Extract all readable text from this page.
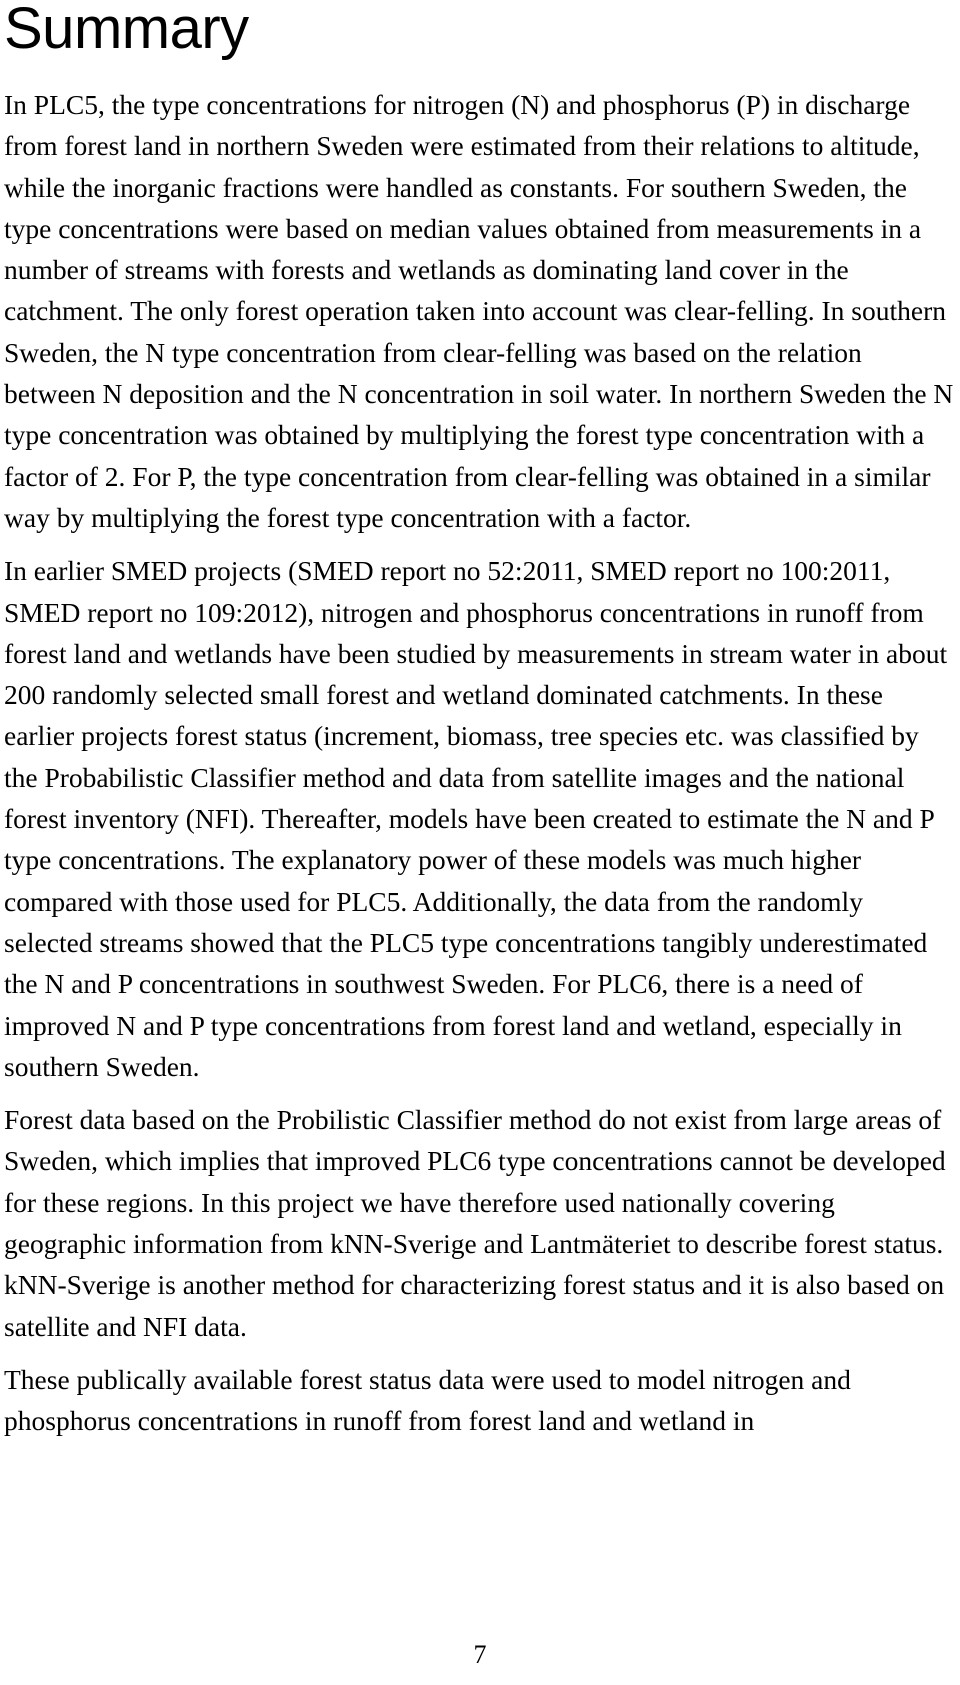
Summary

In PLC5, the type concentrations for nitrogen (N) and phosphorus (P) in discharge from forest land in northern Sweden were estimated from their relations to altitude, while the inorganic fractions were handled as constants. For southern Sweden, the type concentrations were based on median values obtained from measurements in a number of streams with forests and wetlands as dominating land cover in the catchment. The only forest operation taken into account was clear-felling. In southern Sweden, the N type concentration from clear-felling was based on the relation between N deposition and the N concentration in soil water. In northern Sweden the N type concentration was obtained by multiplying the forest type concentration with a factor of 2. For P, the type concentration from clear-felling was obtained in a similar way by multiplying the forest type concentration with a factor.

In earlier SMED projects (SMED report no 52:2011, SMED report no 100:2011, SMED report no 109:2012), nitrogen and phosphorus concentrations in runoff from forest land and wetlands have been studied by measurements in stream water in about 200 randomly selected small forest and wetland dominated catchments. In these earlier projects forest status (increment, biomass, tree species etc. was classified by the Probabilistic Classifier method and data from satellite images and the national forest inventory (NFI). Thereafter, models have been created to estimate the N and P type concentrations. The explanatory power of these models was much higher compared with those used for PLC5. Additionally, the data from the randomly selected streams showed that the PLC5 type concentrations tangibly underestimated the N and P concentrations in southwest Sweden. For PLC6, there is a need of improved N and P type concentrations from forest land and wetland, especially in southern Sweden.

Forest data based on the Probilistic Classifier method do not exist from large areas of Sweden, which implies that improved PLC6 type concentrations cannot be developed for these regions. In this project we have therefore used nationally covering geographic information from kNN-Sverige and Lantmäteriet to describe forest status. kNN-Sverige is another method for characterizing forest status and it is also based on satellite and NFI data.

These publically available forest status data were used to model nitrogen and phosphorus concentrations in runoff from forest land and wetland in

7
